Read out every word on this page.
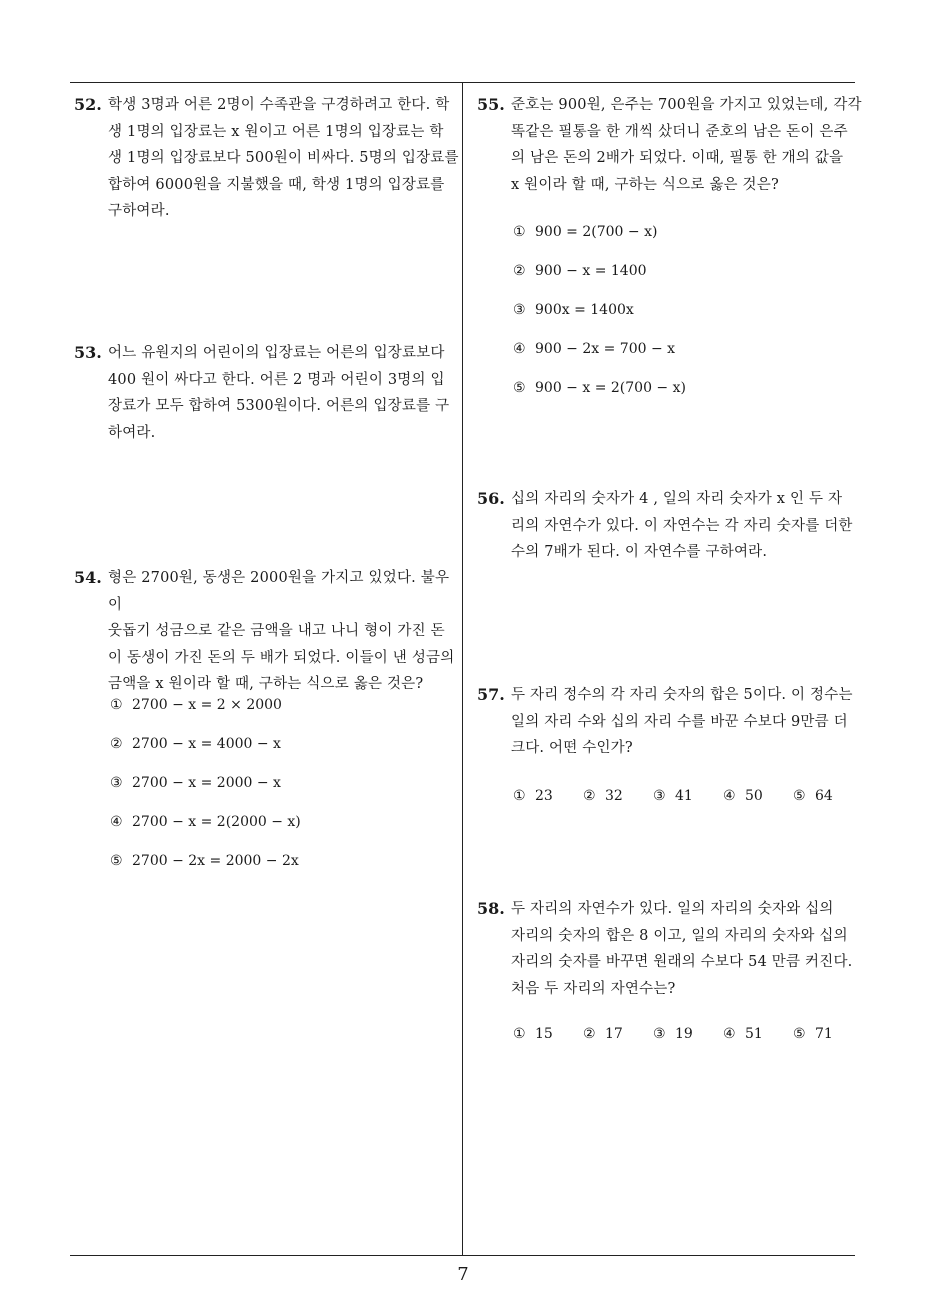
52. 학생 3명과 어른 2명이 수족관을 구경하려고 한다. 학
생 1명의 입장료는 x 원이고 어른 1명의 입장료는 학
생 1명의 입장료보다 500원이 비싸다. 5명의 입장료를
합하여 6000원을 지불했을 때, 학생 1명의 입장료를
구하여라.
53. 어느 유원지의 어린이의 입장료는 어른의 입장료보다
400 원이 싸다고 한다. 어른 2 명과 어린이 3명의 입
장료가 모두 합하여 5300원이다. 어른의 입장료를 구
하여라.
54. 형은 2700원, 동생은 2000원을 가지고 있었다. 불우이
웃돕기 성금으로 같은 금액을 내고 나니 형이 가진 돈
이 동생이 가진 돈의 두 배가 되었다. 이들이 낸 성금의
금액을 x 원이라 할 때, 구하는 식으로 옳은 것은?
① 2700 − x = 2 × 2000
② 2700 − x = 4000 − x
③ 2700 − x = 2000 − x
④ 2700 − x = 2(2000 − x)
⑤ 2700 − 2x = 2000 − 2x
55. 준호는 900원, 은주는 700원을 가지고 있었는데, 각각
똑같은 필통을 한 개씩 샀더니 준호의 남은 돈이 은주
의 남은 돈의 2배가 되었다. 이때, 필통 한 개의 값을
x 원이라 할 때, 구하는 식으로 옳은 것은?
① 900 = 2(700 − x)
② 900 − x = 1400
③ 900x = 1400x
④ 900 − 2x = 700 − x
⑤ 900 − x = 2(700 − x)
56. 십의 자리의 숫자가 4 , 일의 자리 숫자가 x 인 두 자
리의 자연수가 있다. 이 자연수는 각 자리 숫자를 더한
수의 7배가 된다. 이 자연수를 구하여라.
57. 두 자리 정수의 각 자리 숫자의 합은 5이다. 이 정수는
일의 자리 수와 십의 자리 수를 바꾼 수보다 9만큼 더
크다. 어떤 수인가?
① 23	② 32	③ 41	④ 50	⑤ 64
58. 두 자리의 자연수가 있다. 일의 자리의 숫자와 십의
자리의 숫자의 합은 8 이고, 일의 자리의 숫자와 십의
자리의 숫자를 바꾸면 원래의 수보다 54 만큼 커진다.
처음 두 자리의 자연수는?
① 15	② 17	③ 19	④ 51	⑤ 71
7
